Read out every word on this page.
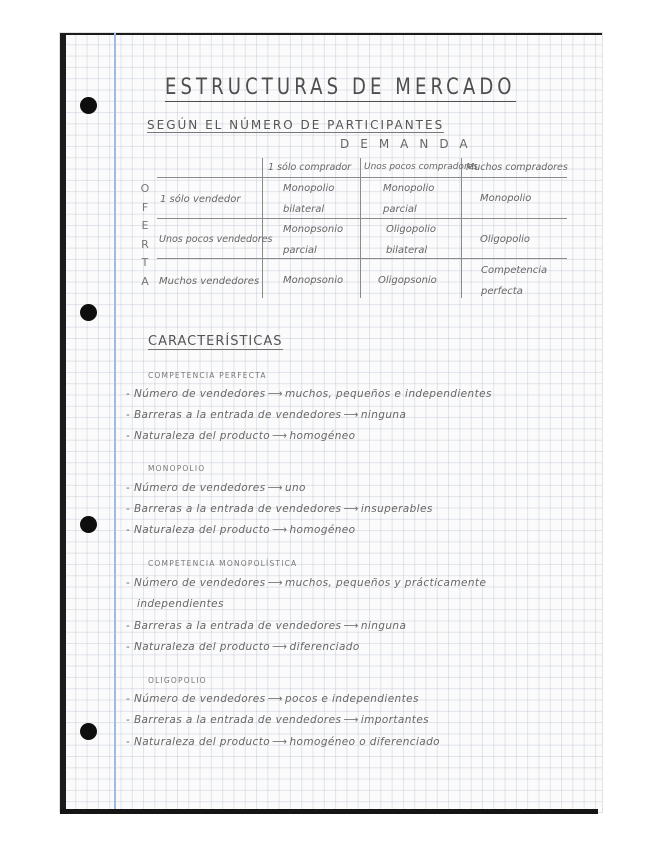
ESTRUCTURAS DE MERCADO
SEGÚN EL NÚMERO DE PARTICIPANTES
DEMANDA
O
F
E
R
T
A
1 sólo comprador Unos pocos compradores
Muchos compradores
1 sólo vendedor
Unos pocos vendedores
Muchos vendedores
Monopolio
bilateral
Monopolio
parcial
Monopolio
Monopsonio
parcial
Oligopolio
bilateral
Oligopolio
Monopsonio	Oligopsonio
Competencia
perfecta
CARACTERÍSTICAS
COMPETENCIA PERFECTA
- Número de vendedores ⟶ muchos, pequeños e independientes
- Barreras a la entrada de vendedores ⟶ ninguna
- Naturaleza del producto ⟶ homogéneo
MONOPOLIO
- Número de vendedores ⟶ uno
- Barreras a la entrada de vendedores ⟶ insuperables
- Naturaleza del producto ⟶ homogéneo
COMPETENCIA MONOPOLÍSTICA
- Número de vendedores ⟶ muchos, pequeños y prácticamente
independientes
- Barreras a la entrada de vendedores ⟶ ninguna
- Naturaleza del producto ⟶ diferenciado
OLIGOPOLIO
- Número de vendedores ⟶ pocos e independientes
- Barreras a la entrada de vendedores ⟶ importantes
- Naturaleza del producto ⟶ homogéneo o diferenciado
